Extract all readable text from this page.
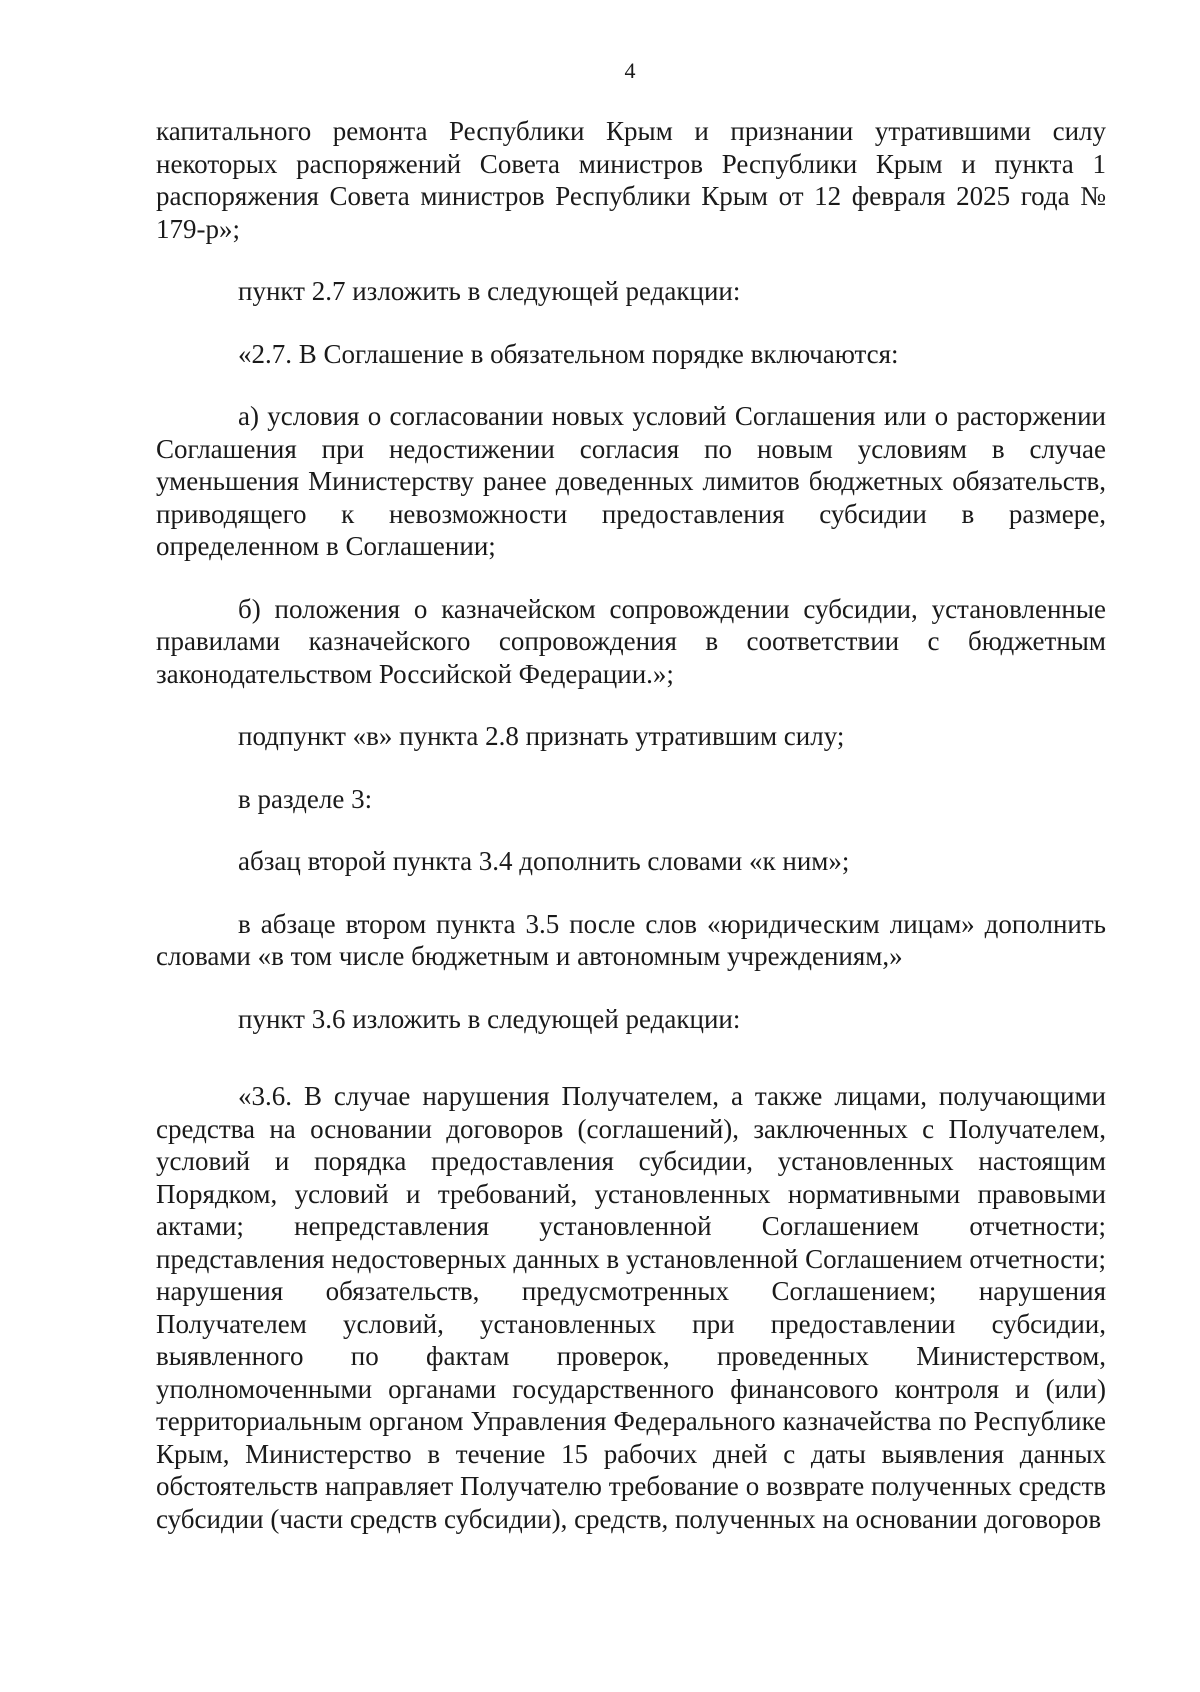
4

капитального ремонта Республики Крым и признании утратившими силу некоторых распоряжений Совета министров Республики Крым и пункта 1 распоряжения Совета министров Республики Крым от 12 февраля 2025 года № 179-р»;

пункт 2.7 изложить в следующей редакции:

«2.7. В Соглашение в обязательном порядке включаются:

а) условия о согласовании новых условий Соглашения или о расторжении Соглашения при недостижении согласия по новым условиям в случае уменьшения Министерству ранее доведенных лимитов бюджетных обязательств, приводящего к невозможности предоставления субсидии в размере, определенном в Соглашении;

б) положения о казначейском сопровождении субсидии, установленные правилами казначейского сопровождения в соответствии с бюджетным законодательством Российской Федерации.»;

подпункт «в» пункта 2.8 признать утратившим силу;

в разделе 3:

абзац второй пункта 3.4 дополнить словами «к ним»;

в абзаце втором пункта 3.5 после слов «юридическим лицам» дополнить словами «в том числе бюджетным и автономным учреждениям,»

пункт 3.6 изложить в следующей редакции:

«3.6. В случае нарушения Получателем, а также лицами, получающими средства на основании договоров (соглашений), заключенных с Получателем, условий и порядка предоставления субсидии, установленных настоящим Порядком, условий и требований, установленных нормативными правовыми актами; непредставления установленной Соглашением отчетности; представления недостоверных данных в установленной Соглашением отчетности; нарушения обязательств, предусмотренных Соглашением; нарушения Получателем условий, установленных при предоставлении субсидии, выявленного по фактам проверок, проведенных Министерством, уполномоченными органами государственного финансового контроля и (или) территориальным органом Управления Федерального казначейства по Республике Крым, Министерство в течение 15 рабочих дней с даты выявления данных обстоятельств направляет Получателю требование о возврате полученных средств субсидии (части средств субсидии), средств, полученных на основании договоров
